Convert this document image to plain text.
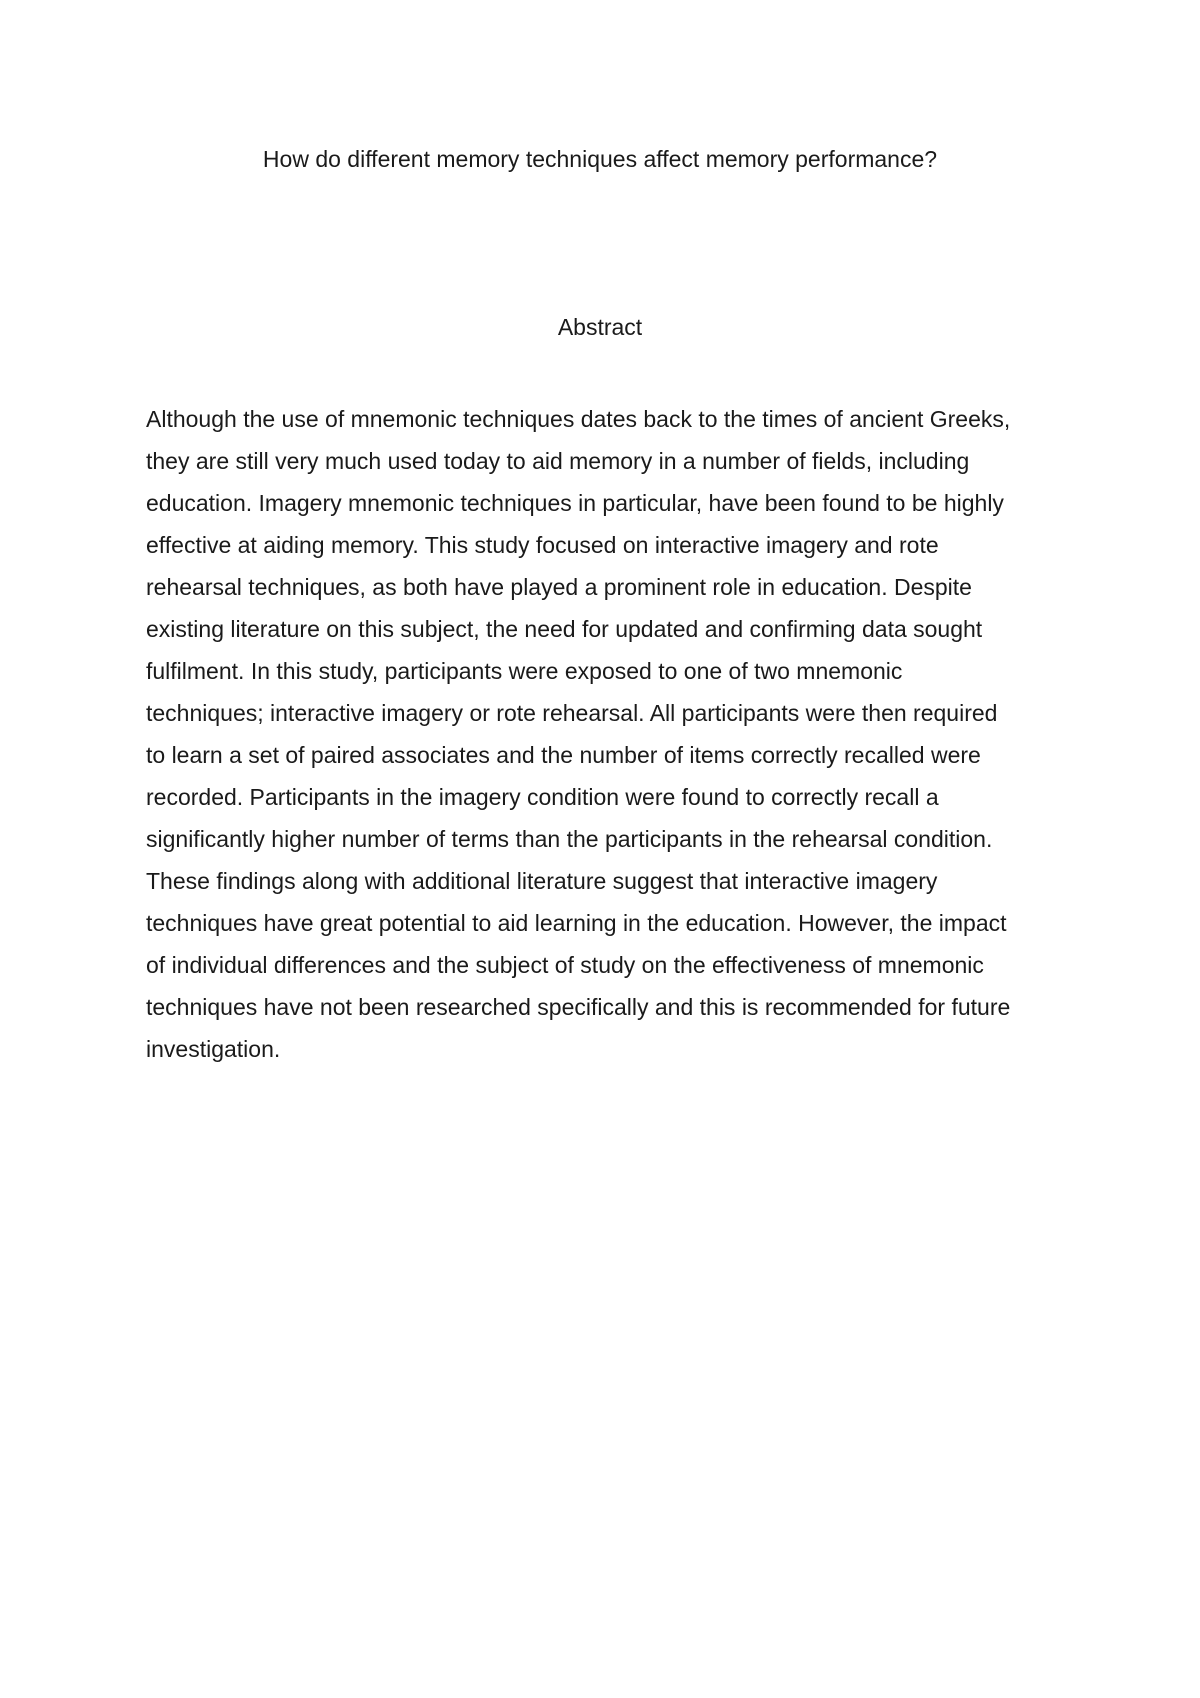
How do different memory techniques affect memory performance?
Abstract
Although the use of mnemonic techniques dates back to the times of ancient Greeks,
they are still very much used today to aid memory in a number of fields, including
education. Imagery mnemonic techniques in particular, have been found to be highly
effective at aiding memory. This study focused on interactive imagery and rote
rehearsal techniques, as both have played a prominent role in education. Despite
existing literature on this subject, the need for updated and confirming data sought
fulfilment. In this study, participants were exposed to one of two mnemonic
techniques; interactive imagery or rote rehearsal. All participants were then required
to learn a set of paired associates and the number of items correctly recalled were
recorded. Participants in the imagery condition were found to correctly recall a
significantly higher number of terms than the participants in the rehearsal condition.
These findings along with additional literature suggest that interactive imagery
techniques have great potential to aid learning in the education. However, the impact
of individual differences and the subject of study on the effectiveness of mnemonic
techniques have not been researched specifically and this is recommended for future
investigation.
